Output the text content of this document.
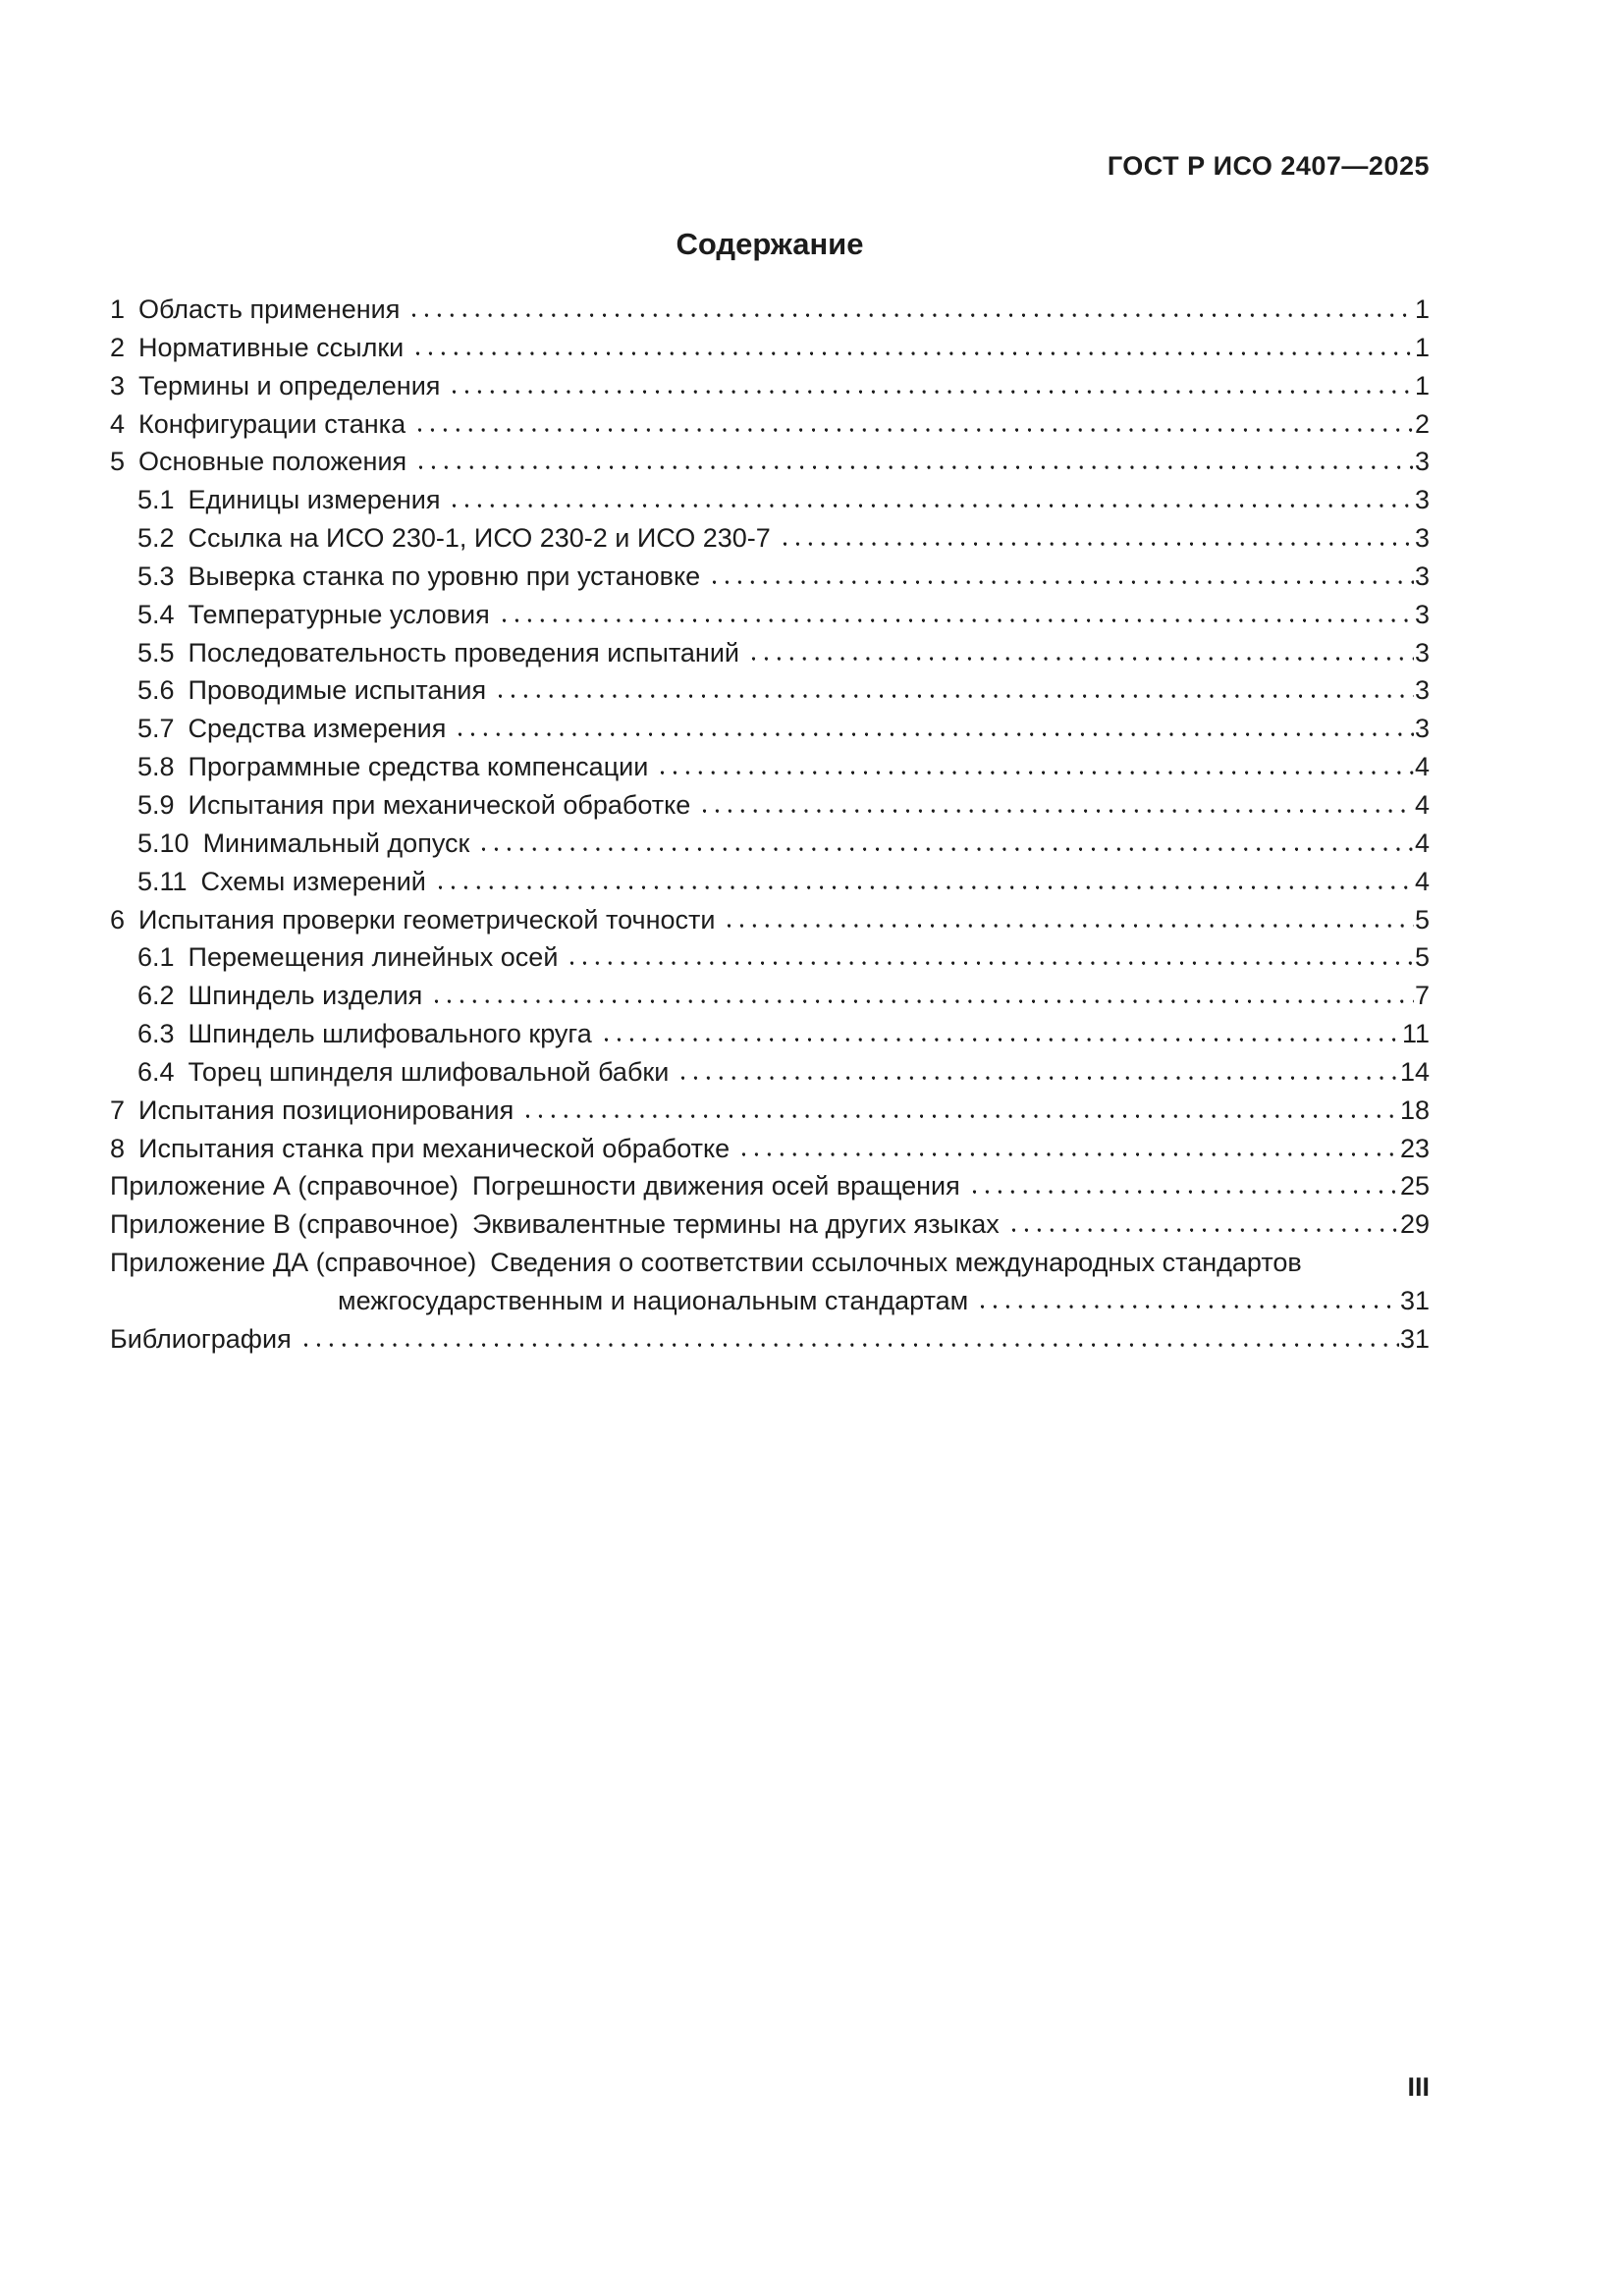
ГОСТ Р ИСО 2407—2025
Содержание
1 Область применения	1
2 Нормативные ссылки	1
3 Термины и определения	1
4 Конфигурации станка	2
5 Основные положения	3
5.1 Единицы измерения	3
5.2 Ссылка на ИСО 230-1, ИСО 230-2 и ИСО 230-7	3
5.3 Выверка станка по уровню при установке	3
5.4 Температурные условия	3
5.5 Последовательность проведения испытаний	3
5.6 Проводимые испытания	3
5.7 Средства измерения	3
5.8 Программные средства компенсации	4
5.9 Испытания при механической обработке	4
5.10 Минимальный допуск	4
5.11 Схемы измерений	4
6 Испытания проверки геометрической точности	5
6.1 Перемещения линейных осей	5
6.2 Шпиндель изделия	7
6.3 Шпиндель шлифовального круга	11
6.4 Торец шпинделя шлифовальной бабки	14
7 Испытания позиционирования	18
8 Испытания станка при механической обработке	23
Приложение А (справочное) Погрешности движения осей вращения	25
Приложение В (справочное) Эквивалентные термины на других языках	29
Приложение ДА (справочное) Сведения о соответствии ссылочных международных стандартов
межгосударственным и национальным стандартам	31
Библиография	31
III
